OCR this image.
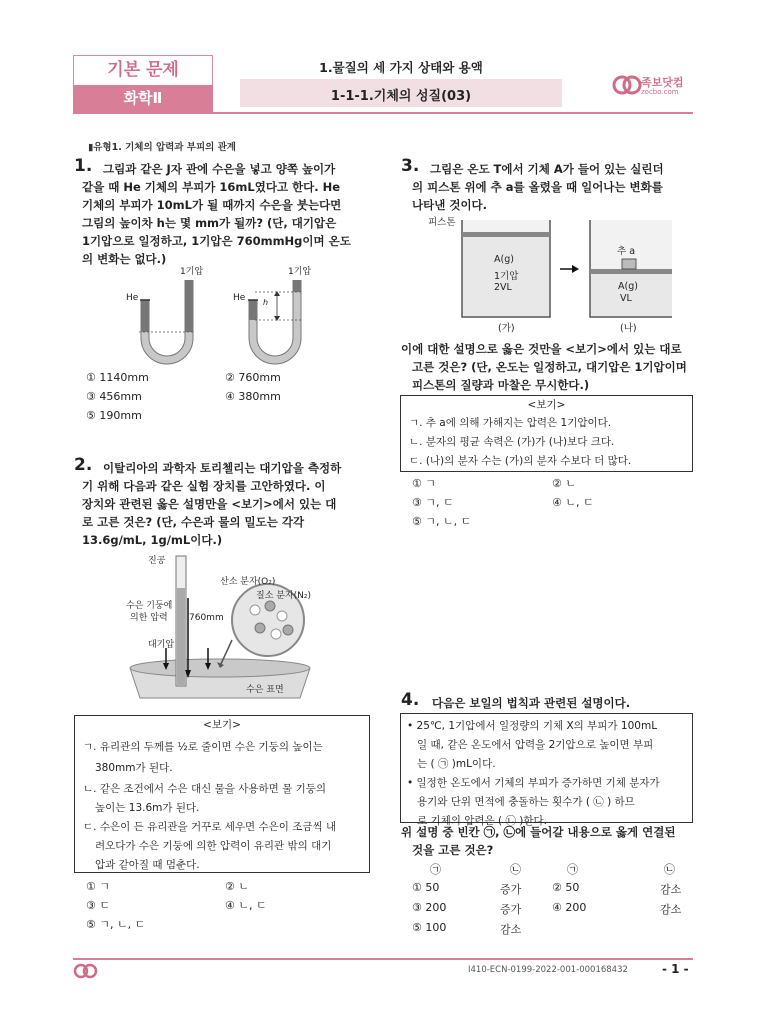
기본 문제
화학Ⅱ
1.물질의 세 가지 상태와 용액
1-1-1.기체의 성질(03)
족보닷컴
zocbo.com
▮유형1. 기체의 압력과 부피의 관계
1. 그림과 같은 J자 관에 수은을 넣고 양쪽 높이가
같을 때 He 기체의 부피가 16mL였다고 한다. He
기체의 부피가 10mL가 될 때까지 수은을 붓는다면
그림의 높이차 h는 몇 mm가 될까? (단, 대기압은
1기압으로 일정하고, 1기압은 760mmHg이며 온도
의 변화는 없다.)
1기압	1기압
He	He h
① 1140mm	② 760mm
③ 456mm	④ 380mm
⑤ 190mm
2. 이탈리아의 과학자 토리첼리는 대기압을 측정하
기 위해 다음과 같은 실험 장치를 고안하였다. 이
장치와 관련된 옳은 설명만을 <보기>에서 있는 대
로 고른 것은? (단, 수은과 물의 밀도는 각각
13.6g/mL, 1g/mL이다.)
진공
수은 기둥에
의한 압력 760mm
대기압
산소 분자(O₂)
질소 분자(N₂)
수은 표면
<보기>
ㄱ. 유리관의 두께를 ½로 줄이면 수은 기둥의 높이는
380mm가 된다.
ㄴ. 같은 조건에서 수은 대신 물을 사용하면 물 기둥의
높이는 13.6m가 된다.
ㄷ. 수은이 든 유리관을 거꾸로 세우면 수은이 조금씩 내
려오다가 수은 기둥에 의한 압력이 유리관 밖의 대기
압과 같아질 때 멈춘다.
① ㄱ	② ㄴ
③ ㄷ	④ ㄴ, ㄷ
⑤ ㄱ, ㄴ, ㄷ
3. 그림은 온도 T에서 기체 A가 들어 있는 실린더
의 피스톤 위에 추 a를 올렸을 때 일어나는 변화를
나타낸 것이다.
피스톤
A(g)
1기압
2VL
추 a
A(g)
VL
(가)	(나)
이에 대한 설명으로 옳은 것만을 <보기>에서 있는 대로
고른 것은? (단, 온도는 일정하고, 대기압은 1기압이며
피스톤의 질량과 마찰은 무시한다.)
<보기>
ㄱ. 추 a에 의해 가해지는 압력은 1기압이다.
ㄴ. 분자의 평균 속력은 (가)가 (나)보다 크다.
ㄷ. (나)의 분자 수는 (가)의 분자 수보다 더 많다.
① ㄱ	② ㄴ
③ ㄱ, ㄷ	④ ㄴ, ㄷ
⑤ ㄱ, ㄴ, ㄷ
4. 다음은 보일의 법칙과 관련된 설명이다.
• 25℃, 1기압에서 일정량의 기체 X의 부피가 100mL
일 때, 같은 온도에서 압력을 2기압으로 높이면 부피
는 ( ㉠ )mL이다.
• 일정한 온도에서 기체의 부피가 증가하면 기체 분자가
용기와 단위 면적에 충돌하는 횟수가 ( ㉡ ) 하므
로 기체의 압력은 ( ㉡ )한다.
위 설명 중 빈칸 ㉠, ㉡에 들어갈 내용으로 옳게 연결된
것을 고른 것은?
㉠	㉡	㉠	㉡
① 50	증가	② 50	감소
③ 200	증가	④ 200	감소
⑤ 100	감소
I410-ECN-0199-2022-001-000168432	- 1 -
